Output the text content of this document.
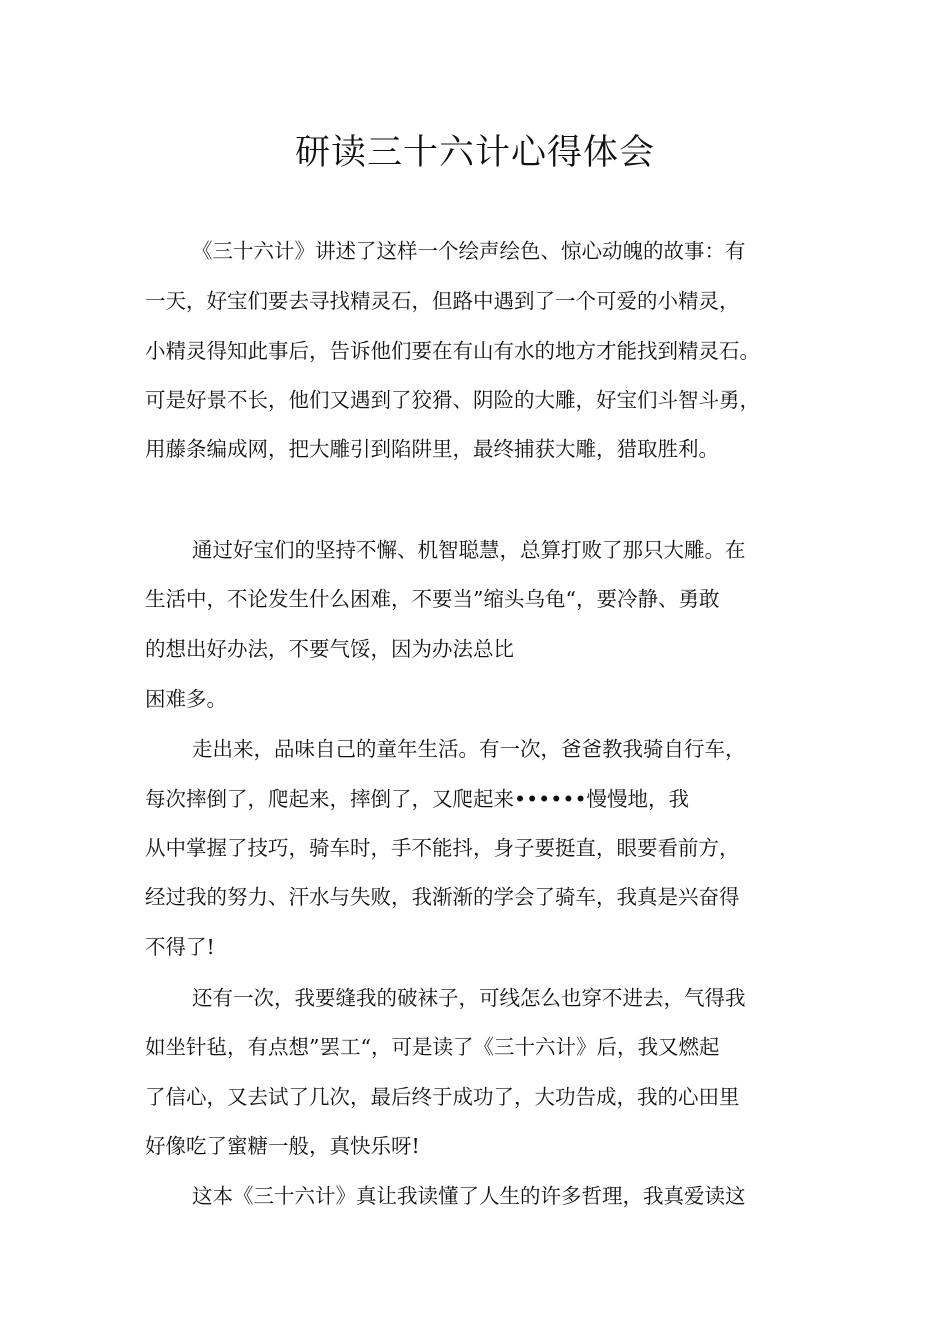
研读三十六计心得体会

《三十六计》讲述了这样一个绘声绘色、惊心动魄的故事：有

一天，好宝们要去寻找精灵石，但路中遇到了一个可爱的小精灵，

小精灵得知此事后，告诉他们要在有山有水的地方才能找到精灵石。

可是好景不长，他们又遇到了狡猾、阴险的大雕，好宝们斗智斗勇，

用藤条编成网，把大雕引到陷阱里，最终捕获大雕，猎取胜利。

通过好宝们的坚持不懈、机智聪慧，总算打败了那只大雕。在

生活中，不论发生什么困难，不要当”缩头乌龟“，要冷静、勇敢

的想出好办法，不要气馁，因为办法总比

困难多。

走出来，品味自己的童年生活。有一次，爸爸教我骑自行车，

每次摔倒了，爬起来，摔倒了，又爬起来••••••慢慢地，我

从中掌握了技巧，骑车时，手不能抖，身子要挺直，眼要看前方，

经过我的努力、汗水与失败，我渐渐的学会了骑车，我真是兴奋得

不得了!

还有一次，我要缝我的破袜子，可线怎么也穿不进去，气得我

如坐针毡，有点想”罢工“，可是读了《三十六计》后，我又燃起

了信心，又去试了几次，最后终于成功了，大功告成，我的心田里

好像吃了蜜糖一般，真快乐呀!

这本《三十六计》真让我读懂了人生的许多哲理，我真爱读这
